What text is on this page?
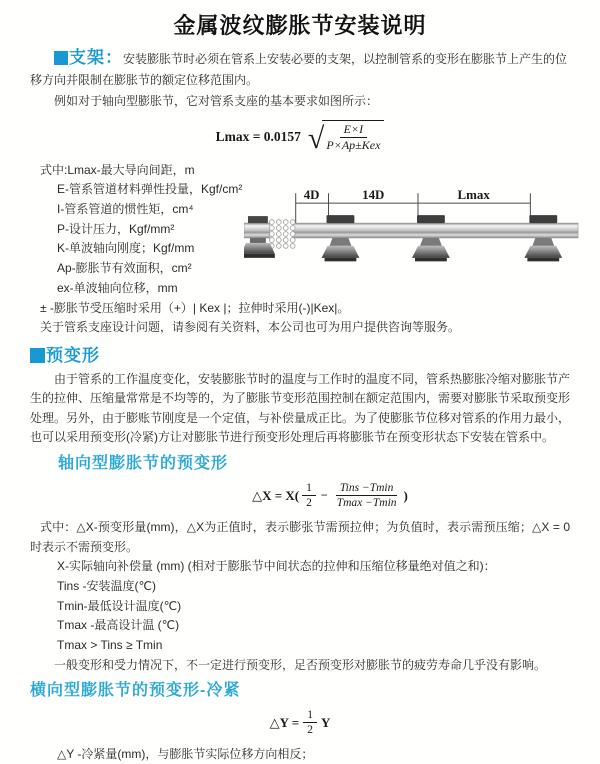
金属波纹膨胀节安装说明

支架：安装膨胀节时必须在管系上安装必要的支架，以控制管系的变形在膨胀节上产生的位移方向并限制在膨胀节的额定位移范围内。

例如对于轴向型膨胀节，它对管系支座的基本要求如图所示：

Lmax = 0.0157 √
$\frac{E\times I}{\text{P×Ap±Kex}}$
式中:Lmax-最大导向间距，m
E-管系管道材料弹性投量，Kgf/cm²
I-管系管道的惯性矩，cm⁴
P-设计压力，Kgf/mm²
K-单波轴向刚度；Kgf/mm
Ap-膨胀节有效面积，cm²
ex-单波轴向位移，mm
4D	14D	Lmax

± -膨胀节受压缩时采用（+）| Kex |；拉伸时采用(-)|Kex|。

关于管系支座设计问题，请参阅有关资料，本公司也可为用户提供咨询等服务。

预变形

由于管系的工作温度变化，安装膨胀节时的温度与工作时的温度不同，管系热膨胀冷缩对膨胀节产生的拉伸、压缩量常常是不均等的，为了膨胀节变形范围控制在额定范围内，需要对膨胀节采取预变形处理。另外，由于膨账节刚度是一个定值，与补偿量成正比。为了使膨胀节位移对管系的作用力最小，也可以采用预变形(冷紧)方让对膨胀节进行预变形处理后再将膨胀节在预变形状态下安装在管系中。

轴向型膨胀节的预变形
△X = $X( \frac{1}{2} - \frac{\text{Tins −Tmin}}{Tmax -Tmin}$ )

式中：△X-预变形量(mm)，△X为正值时，表示膨张节需预拉伸；为负值时，表示需预压缩；△X = 0时表示不需预变形。

X-实际轴向补偿量 (mm) (相对于膨胀节中间状态的拉伸和压缩位移量绝对值之和)：

Tins -安装温度(℃)

Tmin-最低设计温度(℃)

Tmax -最高设计温 (℃)

Tmax > Tins ≥ Tmin

一般变形和受力情况下，不一定进行预变形，足否预变形对膨胀节的疲劳寿命几乎没有影响。

横向型膨胀节的预变形-冷紧
△Y = $\frac{1}{2}$ Y

△Y -冷紧量(mm)，与膨胀节实际位移方向相反；
